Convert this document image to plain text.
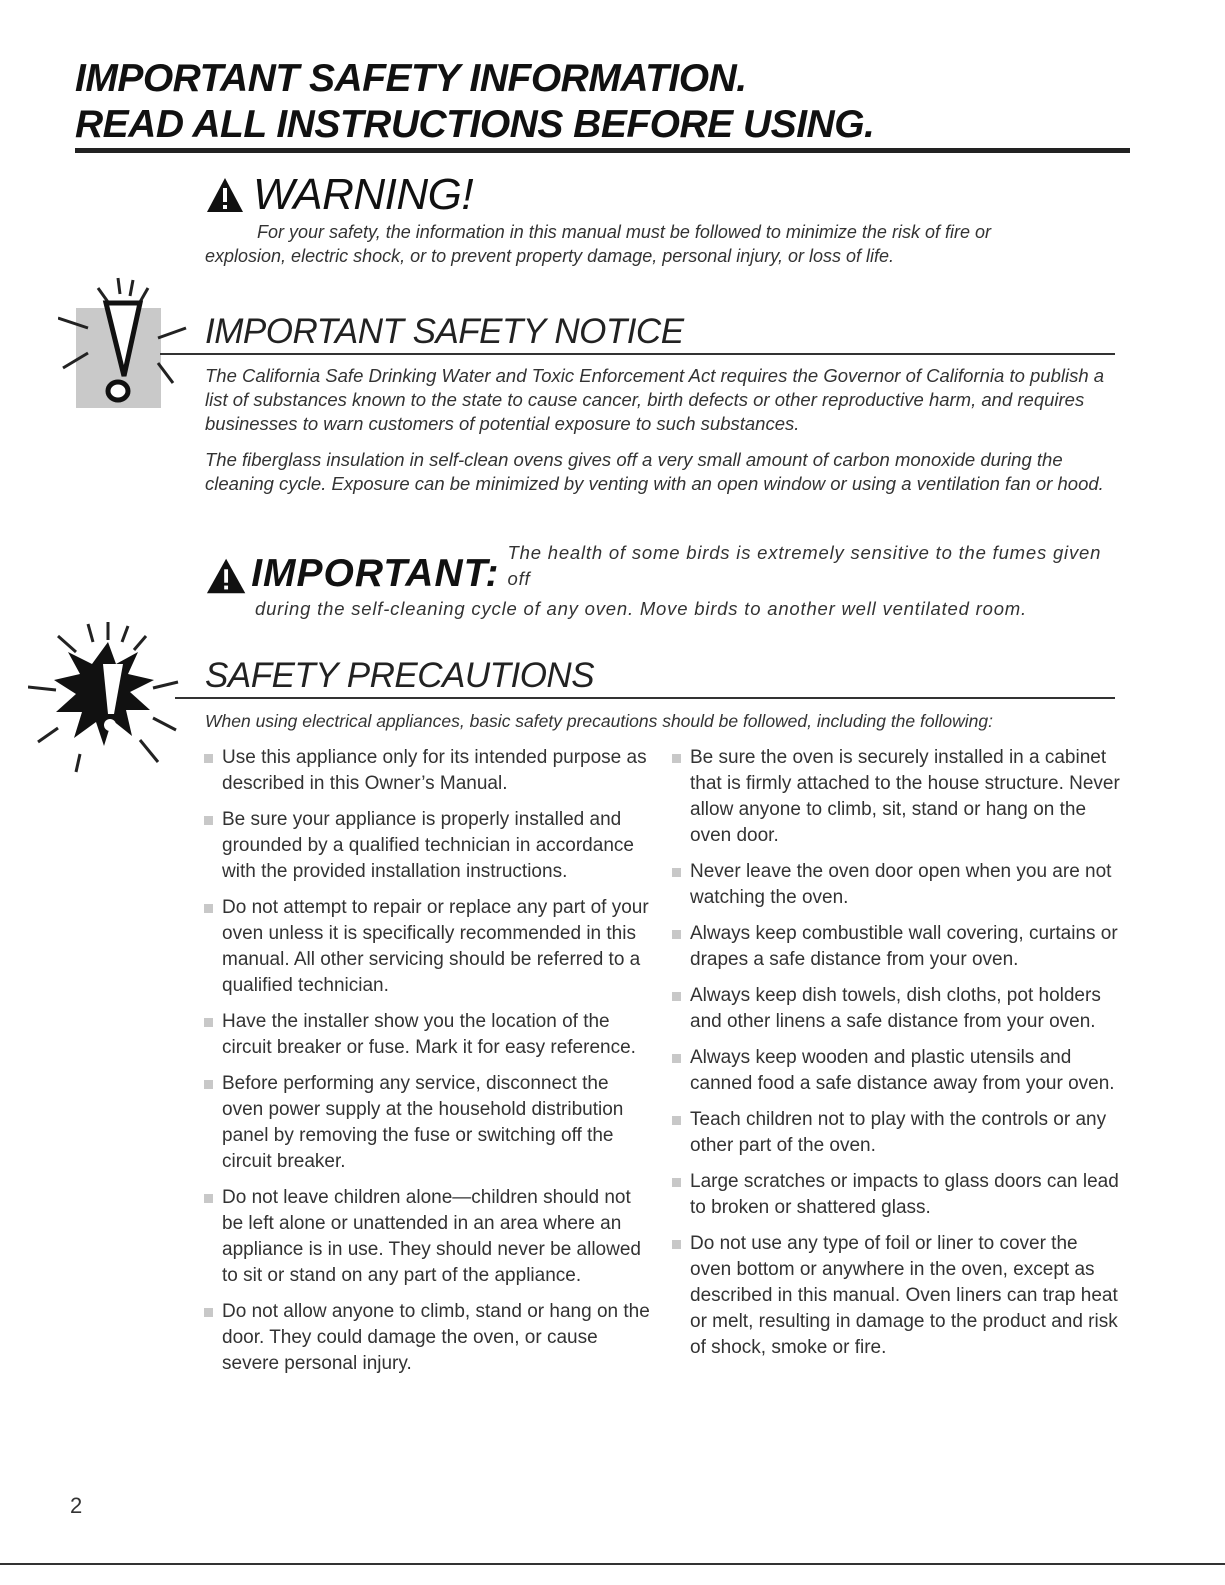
IMPORTANT SAFETY INFORMATION.
READ ALL INSTRUCTIONS BEFORE USING.
WARNING!
For your safety, the information in this manual must be followed to minimize the risk of fire or explosion, electric shock, or to prevent property damage, personal injury, or loss of life.
IMPORTANT SAFETY NOTICE
The California Safe Drinking Water and Toxic Enforcement Act requires the Governor of California to publish a list of substances known to the state to cause cancer, birth defects or other reproductive harm, and requires businesses to warn customers of potential exposure to such substances.
The fiberglass insulation in self-clean ovens gives off a very small amount of carbon monoxide during the cleaning cycle. Exposure can be minimized by venting with an open window or using a ventilation fan or hood.
IMPORTANT: The health of some birds is extremely sensitive to the fumes given off
during the self-cleaning cycle of any oven. Move birds to another well ventilated room.
SAFETY PRECAUTIONS
When using electrical appliances, basic safety precautions should be followed, including the following:
Use this appliance only for its intended purpose as described in this Owner’s Manual.
Be sure your appliance is properly installed and grounded by a qualified technician in accordance with the provided installation instructions.
Do not attempt to repair or replace any part of your oven unless it is specifically recommended in this manual. All other servicing should be referred to a qualified technician.
Have the installer show you the location of the circuit breaker or fuse. Mark it for easy reference.
Before performing any service, disconnect the oven power supply at the household distribution panel by removing the fuse or switching off the circuit breaker.
Do not leave children alone—children should not be left alone or unattended in an area where an appliance is in use. They should never be allowed to sit or stand on any part of the appliance.
Do not allow anyone to climb, stand or hang on the door. They could damage the oven, or cause severe personal injury.
Be sure the oven is securely installed in a cabinet that is firmly attached to the house structure. Never allow anyone to climb, sit, stand or hang on the oven door.
Never leave the oven door open when you are not watching the oven.
Always keep combustible wall covering, curtains or drapes a safe distance from your oven.
Always keep dish towels, dish cloths, pot holders and other linens a safe distance from your oven.
Always keep wooden and plastic utensils and canned food a safe distance away from your oven.
Teach children not to play with the controls or any other part of the oven.
Large scratches or impacts to glass doors can lead to broken or shattered glass.
Do not use any type of foil or liner to cover the oven bottom or anywhere in the oven, except as described in this manual. Oven liners can trap heat or melt, resulting in damage to the product and risk of shock, smoke or fire.
2
